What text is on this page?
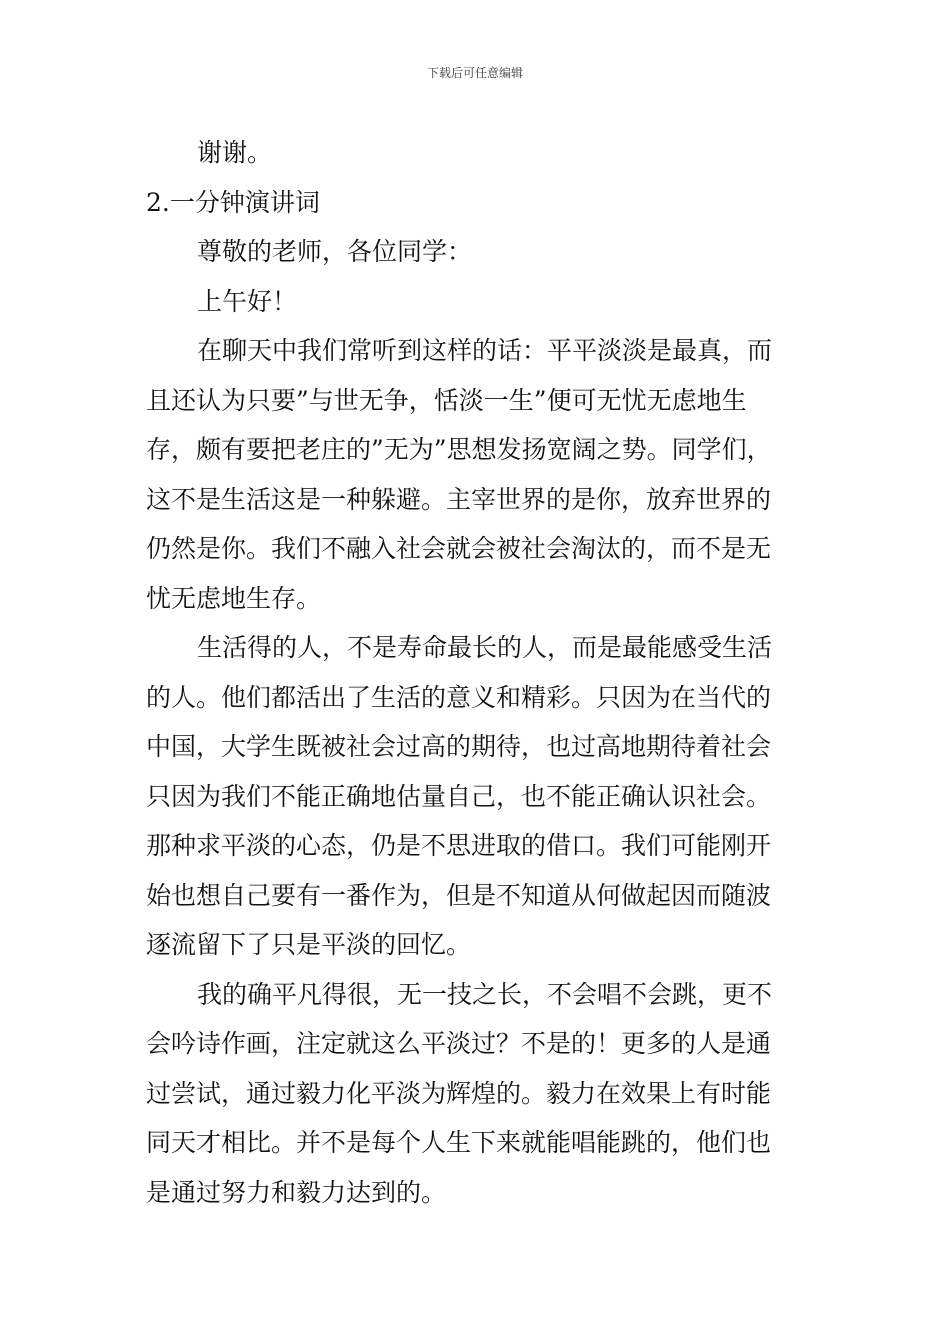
下载后可任意编辑
谢谢。
2.一分钟演讲词
尊敬的老师，各位同学：
上午好！
在聊天中我们常听到这样的话：平平淡淡是最真，而
且还认为只要”与世无争，恬淡一生”便可无忧无虑地生
存，颇有要把老庄的”无为”思想发扬宽阔之势。同学们，
这不是生活这是一种躲避。主宰世界的是你，放弃世界的
仍然是你。我们不融入社会就会被社会淘汰的，而不是无
忧无虑地生存。
生活得的人，不是寿命最长的人，而是最能感受生活
的人。他们都活出了生活的意义和精彩。只因为在当代的
中国，大学生既被社会过高的期待，也过高地期待着社会
只因为我们不能正确地估量自己，也不能正确认识社会。
那种求平淡的心态，仍是不思进取的借口。我们可能刚开
始也想自己要有一番作为，但是不知道从何做起因而随波
逐流留下了只是平淡的回忆。
我的确平凡得很，无一技之长，不会唱不会跳，更不
会吟诗作画，注定就这么平淡过？不是的！更多的人是通
过尝试，通过毅力化平淡为辉煌的。毅力在效果上有时能
同天才相比。并不是每个人生下来就能唱能跳的，他们也
是通过努力和毅力达到的。
